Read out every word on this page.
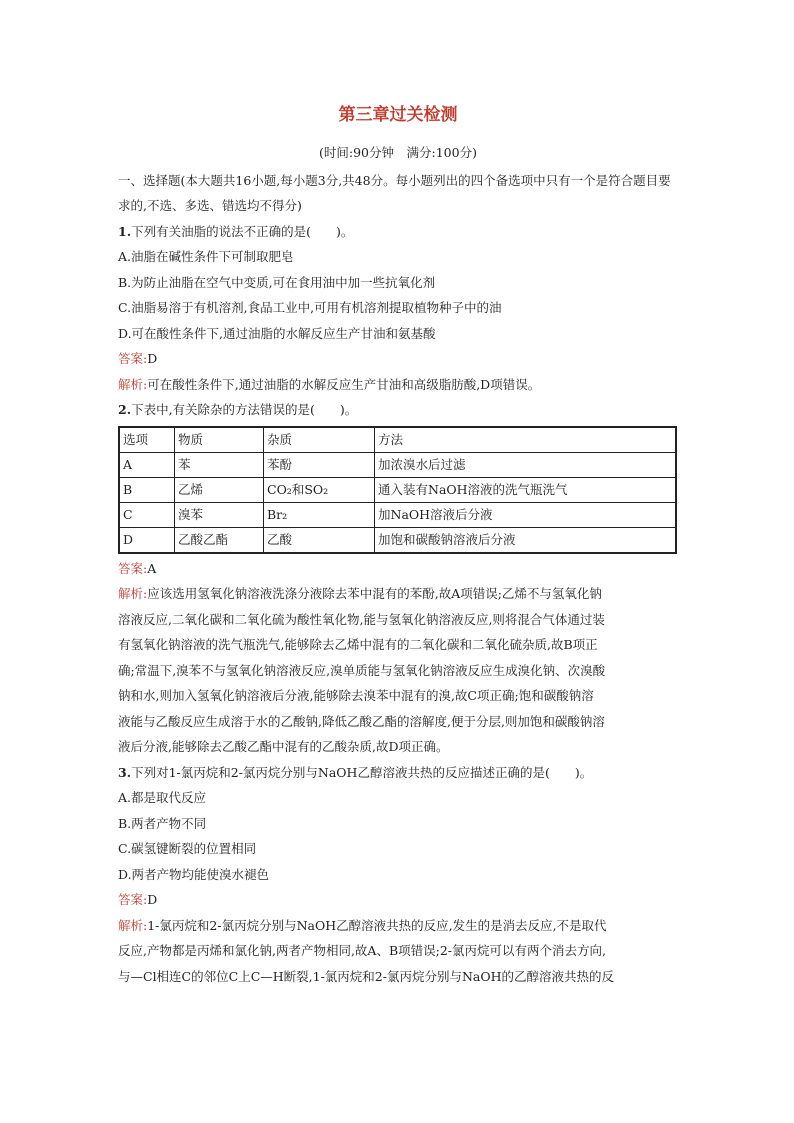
第三章过关检测
(时间:90分钟　满分:100分)

一、选择题(本大题共16小题,每小题3分,共48分。每小题列出的四个备选项中只有一个是符合题目要求的,不选、多选、错选均不得分)

1.下列有关油脂的说法不正确的是(　　)。

A.油脂在碱性条件下可制取肥皂

B.为防止油脂在空气中变质,可在食用油中加一些抗氧化剂

C.油脂易溶于有机溶剂,食品工业中,可用有机溶剂提取植物种子中的油

D.可在酸性条件下,通过油脂的水解反应生产甘油和氨基酸

答案:D

解析:可在酸性条件下,通过油脂的水解反应生产甘油和高级脂肪酸,D项错误。

2.下表中,有关除杂的方法错误的是(　　)。

选项	物质	杂质	方法
A	苯	苯酚	加浓溴水后过滤
B	乙烯	CO₂和SO₂	通入装有NaOH溶液的洗气瓶洗气
C	溴苯	Br₂	加NaOH溶液后分液
D	乙酸乙酯	乙酸	加饱和碳酸钠溶液后分液

答案:A

解析:应该选用氢氧化钠溶液洗涤分液除去苯中混有的苯酚,故A项错误;乙烯不与氢氧化钠

溶液反应,二氧化碳和二氧化硫为酸性氧化物,能与氢氧化钠溶液反应,则将混合气体通过装

有氢氧化钠溶液的洗气瓶洗气,能够除去乙烯中混有的二氧化碳和二氧化硫杂质,故B项正

确;常温下,溴苯不与氢氧化钠溶液反应,溴单质能与氢氧化钠溶液反应生成溴化钠、次溴酸

钠和水,则加入氢氧化钠溶液后分液,能够除去溴苯中混有的溴,故C项正确;饱和碳酸钠溶

液能与乙酸反应生成溶于水的乙酸钠,降低乙酸乙酯的溶解度,便于分层,则加饱和碳酸钠溶

液后分液,能够除去乙酸乙酯中混有的乙酸杂质,故D项正确。

3.下列对1-氯丙烷和2-氯丙烷分别与NaOH乙醇溶液共热的反应描述正确的是(　　)。

A.都是取代反应

B.两者产物不同

C.碳氢键断裂的位置相同

D.两者产物均能使溴水褪色

答案:D

解析:1-氯丙烷和2-氯丙烷分别与NaOH乙醇溶液共热的反应,发生的是消去反应,不是取代

反应,产物都是丙烯和氯化钠,两者产物相同,故A、B项错误;2-氯丙烷可以有两个消去方向,

与—Cl相连C的邻位C上C—H断裂,1-氯丙烷和2-氯丙烷分别与NaOH的乙醇溶液共热的反
